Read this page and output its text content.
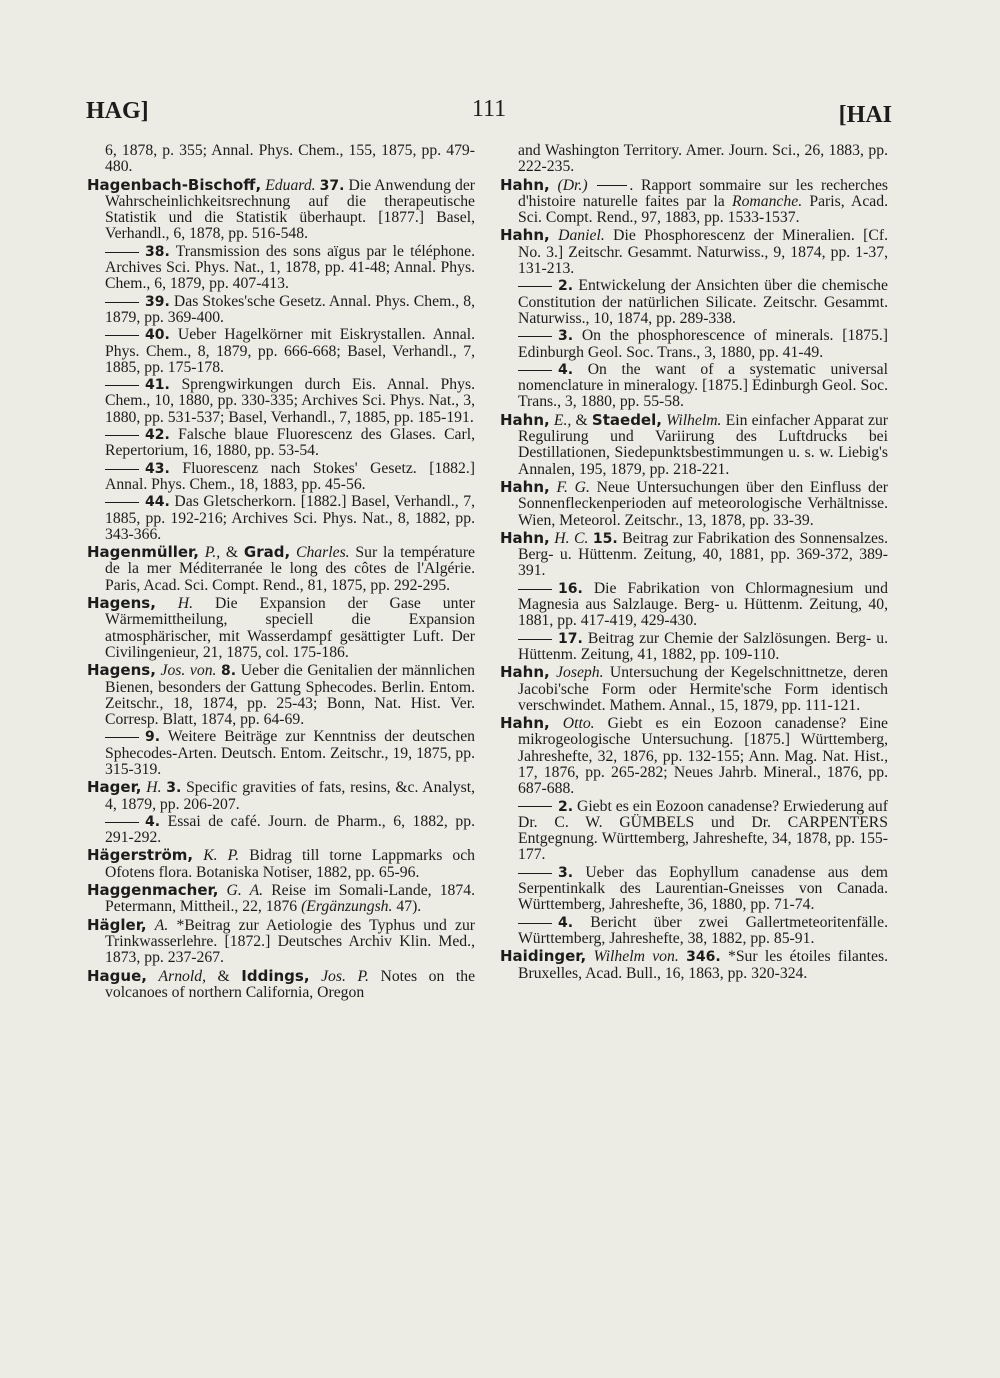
HAG]	111	[HAI

6, 1878, p. 355; Annal. Phys. Chem., 155, 1875, pp. 479-480.

Hagenbach-Bischoff, Eduard. 37. Die Anwendung der Wahrscheinlichkeitsrechnung auf die therapeutische Statistik und die Statistik überhaupt. [1877.] Basel, Verhandl., 6, 1878, pp. 516-548.

38. Transmission des sons aïgus par le téléphone. Archives Sci. Phys. Nat., 1, 1878, pp. 41-48; Annal. Phys. Chem., 6, 1879, pp. 407-413.

39. Das Stokes'sche Gesetz. Annal. Phys. Chem., 8, 1879, pp. 369-400.

40. Ueber Hagelkörner mit Eiskrystallen. Annal. Phys. Chem., 8, 1879, pp. 666-668; Basel, Verhandl., 7, 1885, pp. 175-178.

41. Sprengwirkungen durch Eis. Annal. Phys. Chem., 10, 1880, pp. 330-335; Archives Sci. Phys. Nat., 3, 1880, pp. 531-537; Basel, Verhandl., 7, 1885, pp. 185-191.

42. Falsche blaue Fluorescenz des Glases. Carl, Repertorium, 16, 1880, pp. 53-54.

43. Fluorescenz nach Stokes' Gesetz. [1882.] Annal. Phys. Chem., 18, 1883, pp. 45-56.

44. Das Gletscherkorn. [1882.] Basel, Verhandl., 7, 1885, pp. 192-216; Archives Sci. Phys. Nat., 8, 1882, pp. 343-366.

Hagenmüller, P., & Grad, Charles. Sur la température de la mer Méditerranée le long des côtes de l'Algérie. Paris, Acad. Sci. Compt. Rend., 81, 1875, pp. 292-295.

Hagens, H. Die Expansion der Gase unter Wärmemittheilung, speciell die Expansion atmosphärischer, mit Wasserdampf gesättigter Luft. Der Civilingenieur, 21, 1875, col. 175-186.

Hagens, Jos. von. 8. Ueber die Genitalien der männlichen Bienen, besonders der Gattung Sphecodes. Berlin. Entom. Zeitschr., 18, 1874, pp. 25-43; Bonn, Nat. Hist. Ver. Corresp. Blatt, 1874, pp. 64-69.

9. Weitere Beiträge zur Kenntniss der deutschen Sphecodes-Arten. Deutsch. Entom. Zeitschr., 19, 1875, pp. 315-319.

Hager, H. 3. Specific gravities of fats, resins, &c. Analyst, 4, 1879, pp. 206-207.

4. Essai de café. Journ. de Pharm., 6, 1882, pp. 291-292.

Hägerström, K. P. Bidrag till torne Lappmarks och Ofotens flora. Botaniska Notiser, 1882, pp. 65-96.

Haggenmacher, G. A. Reise im Somali-Lande, 1874. Petermann, Mittheil., 22, 1876 (Ergänzungsh. 47).

Hägler, A. *Beitrag zur Aetiologie des Typhus und zur Trinkwasserlehre. [1872.] Deutsches Archiv Klin. Med., 1873, pp. 237-267.

Hague, Arnold, & Iddings, Jos. P. Notes on the volcanoes of northern California, Oregon

and Washington Territory. Amer. Journ. Sci., 26, 1883, pp. 222-235.

Hahn, (Dr.)	. Rapport sommaire sur les recherches d'histoire naturelle faites par la Romanche. Paris, Acad. Sci. Compt. Rend., 97, 1883, pp. 1533-1537.

Hahn, Daniel. Die Phosphorescenz der Mineralien. [Cf. No. 3.] Zeitschr. Gesammt. Naturwiss., 9, 1874, pp. 1-37, 131-213.

2. Entwickelung der Ansichten über die chemische Constitution der natürlichen Silicate. Zeitschr. Gesammt. Naturwiss., 10, 1874, pp. 289-338.

3. On the phosphorescence of minerals. [1875.] Edinburgh Geol. Soc. Trans., 3, 1880, pp. 41-49.

4. On the want of a systematic universal nomenclature in mineralogy. [1875.] Edinburgh Geol. Soc. Trans., 3, 1880, pp. 55-58.

Hahn, E., & Staedel, Wilhelm. Ein einfacher Apparat zur Regulirung und Variirung des Luftdrucks bei Destillationen, Siedepunktsbestimmungen u. s. w. Liebig's Annalen, 195, 1879, pp. 218-221.

Hahn, F. G. Neue Untersuchungen über den Einfluss der Sonnenfleckenperioden auf meteorologische Verhältnisse. Wien, Meteorol. Zeitschr., 13, 1878, pp. 33-39.

Hahn, H. C. 15. Beitrag zur Fabrikation des Sonnensalzes. Berg- u. Hüttenm. Zeitung, 40, 1881, pp. 369-372, 389-391.

16. Die Fabrikation von Chlormagnesium und Magnesia aus Salzlauge. Berg- u. Hüttenm. Zeitung, 40, 1881, pp. 417-419, 429-430.

17. Beitrag zur Chemie der Salzlösungen. Berg- u. Hüttenm. Zeitung, 41, 1882, pp. 109-110.

Hahn, Joseph. Untersuchung der Kegelschnittnetze, deren Jacobi'sche Form oder Hermite'sche Form identisch verschwindet. Mathem. Annal., 15, 1879, pp. 111-121.

Hahn, Otto. Giebt es ein Eozoon canadense? Eine mikrogeologische Untersuchung. [1875.] Württemberg, Jahreshefte, 32, 1876, pp. 132-155; Ann. Mag. Nat. Hist., 17, 1876, pp. 265-282; Neues Jahrb. Mineral., 1876, pp. 687-688.

2. Giebt es ein Eozoon canadense? Erwiederung auf Dr. C. W. GÜMBELS und Dr. CARPENTERS Entgegnung. Württemberg, Jahreshefte, 34, 1878, pp. 155-177.

3. Ueber das Eophyllum canadense aus dem Serpentinkalk des Laurentian-Gneisses von Canada. Württemberg, Jahreshefte, 36, 1880, pp. 71-74.

4. Bericht über zwei Gallertmeteoritenfälle. Württemberg, Jahreshefte, 38, 1882, pp. 85-91.

Haidinger, Wilhelm von. 346. *Sur les étoiles filantes. Bruxelles, Acad. Bull., 16, 1863, pp. 320-324.
